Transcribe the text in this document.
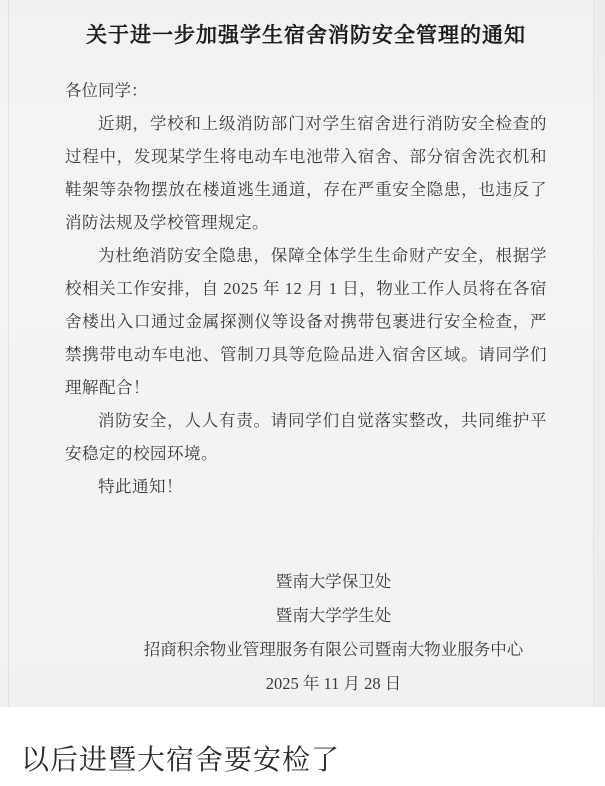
关于进一步加强学生宿舍消防安全管理的通知

各位同学：

近期，学校和上级消防部门对学生宿舍进行消防安全检查的过程中，发现某学生将电动车电池带入宿舍、部分宿舍洗衣机和鞋架等杂物摆放在楼道逃生通道，存在严重安全隐患，也违反了消防法规及学校管理规定。

为杜绝消防安全隐患，保障全体学生生命财产安全，根据学校相关工作安排，自 2025 年 12 月 1 日，物业工作人员将在各宿舍楼出入口通过金属探测仪等设备对携带包裹进行安全检查，严禁携带电动车电池、管制刀具等危险品进入宿舍区域。请同学们理解配合！

消防安全，人人有责。请同学们自觉落实整改，共同维护平安稳定的校园环境。

特此通知！

暨南大学保卫处
暨南大学学生处
招商积余物业管理服务有限公司暨南大物业服务中心
2025 年 11 月 28 日
以后进暨大宿舍要安检了
